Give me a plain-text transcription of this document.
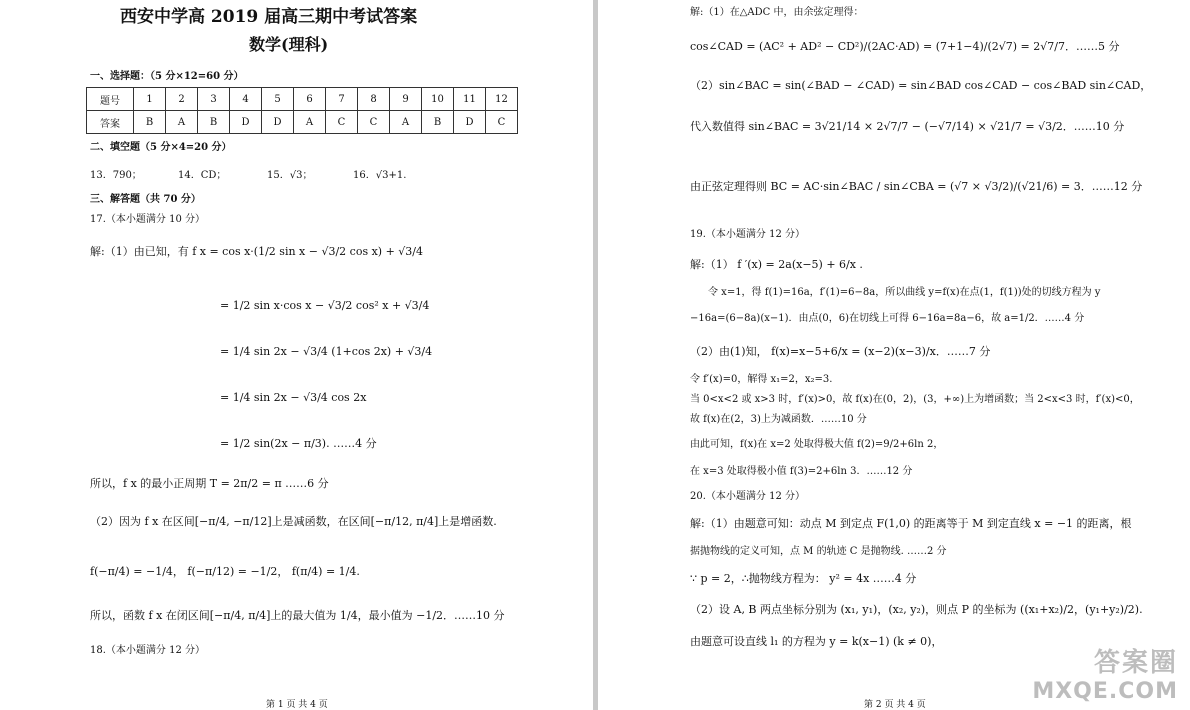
西安中学高 2019 届高三期中考试答案
数学(理科)
一、选择题：（5 分×12=60 分）
题号	1	2	3	4	5	6	7	8	9	10	11	12
答案	B	A	B	D	D	A	C	C	A	B	D	C
二、填空题（5 分×4=20 分）
13．790；	14．CD；	15．√3；	16．√3+1.
三、解答题（共 70 分）
17.（本小题满分 10 分）
解:（1）由已知，有 f x = cos x·(1/2 sin x − √3/2 cos x) + √3/4
= 1/2 sin x·cos x − √3/2 cos² x + √3/4
= 1/4 sin 2x − √3/4 (1+cos 2x) + √3/4
= 1/4 sin 2x − √3/4 cos 2x
= 1/2 sin(2x − π/3). ……4 分
所以，f x 的最小正周期 T = 2π/2 = π ……6 分
（2）因为 f x 在区间[−π/4, −π/12]上是减函数，在区间[−π/12, π/4]上是增函数.
f(−π/4) = −1/4， f(−π/12) = −1/2， f(π/4) = 1/4.
所以，函数 f x 在闭区间[−π/4, π/4]上的最大值为 1/4，最小值为 −1/2．……10 分
18.（本小题满分 12 分）
第 1 页 共 4 页
解:（1）在△ADC 中，由余弦定理得：
cos∠CAD = (AC² + AD² − CD²)/(2AC·AD) = (7+1−4)/(2√7) = 2√7/7．……5 分
（2）sin∠BAC = sin(∠BAD − ∠CAD) = sin∠BAD cos∠CAD − cos∠BAD sin∠CAD，
代入数值得 sin∠BAC = 3√21/14 × 2√7/7 − (−√7/14) × √21/7 = √3/2．……10 分
由正弦定理得则 BC = AC·sin∠BAC / sin∠CBA = (√7 × √3/2)/(√21/6) = 3．……12 分
19.（本小题满分 12 分）
解:（1） f ′(x) = 2a(x−5) + 6/x .
令 x=1，得 f(1)=16a，f′(1)=6−8a，所以曲线 y=f(x)在点(1，f(1))处的切线方程为 y
−16a=(6−8a)(x−1)．由点(0，6)在切线上可得 6−16a=8a−6，故 a=1/2．……4 分
（2）由(1)知， f(x)=x−5+6/x = (x−2)(x−3)/x．……7 分
令 f′(x)=0，解得 x₁=2，x₂=3.
当 0<x<2 或 x>3 时，f′(x)>0，故 f(x)在(0，2)，(3，+∞)上为增函数；当 2<x<3 时，f′(x)<0，
故 f(x)在(2，3)上为减函数．……10 分
由此可知，f(x)在 x=2 处取得极大值 f(2)=9/2+6ln 2，
在 x=3 处取得极小值 f(3)=2+6ln 3．……12 分
20.（本小题满分 12 分）
解:（1）由题意可知：动点 M 到定点 F(1,0) 的距离等于 M 到定直线 x = −1 的距离，根
据抛物线的定义可知，点 M 的轨迹 C 是抛物线. ……2 分
∵ p = 2，∴抛物线方程为： y² = 4x ……4 分
（2）设 A, B 两点坐标分别为 (x₁, y₁)，(x₂, y₂)，则点 P 的坐标为 ((x₁+x₂)/2，(y₁+y₂)/2).
由题意可设直线 l₁ 的方程为 y = k(x−1) (k ≠ 0)，
第 2 页 共 4 页
答案圈
MXQE.COM
